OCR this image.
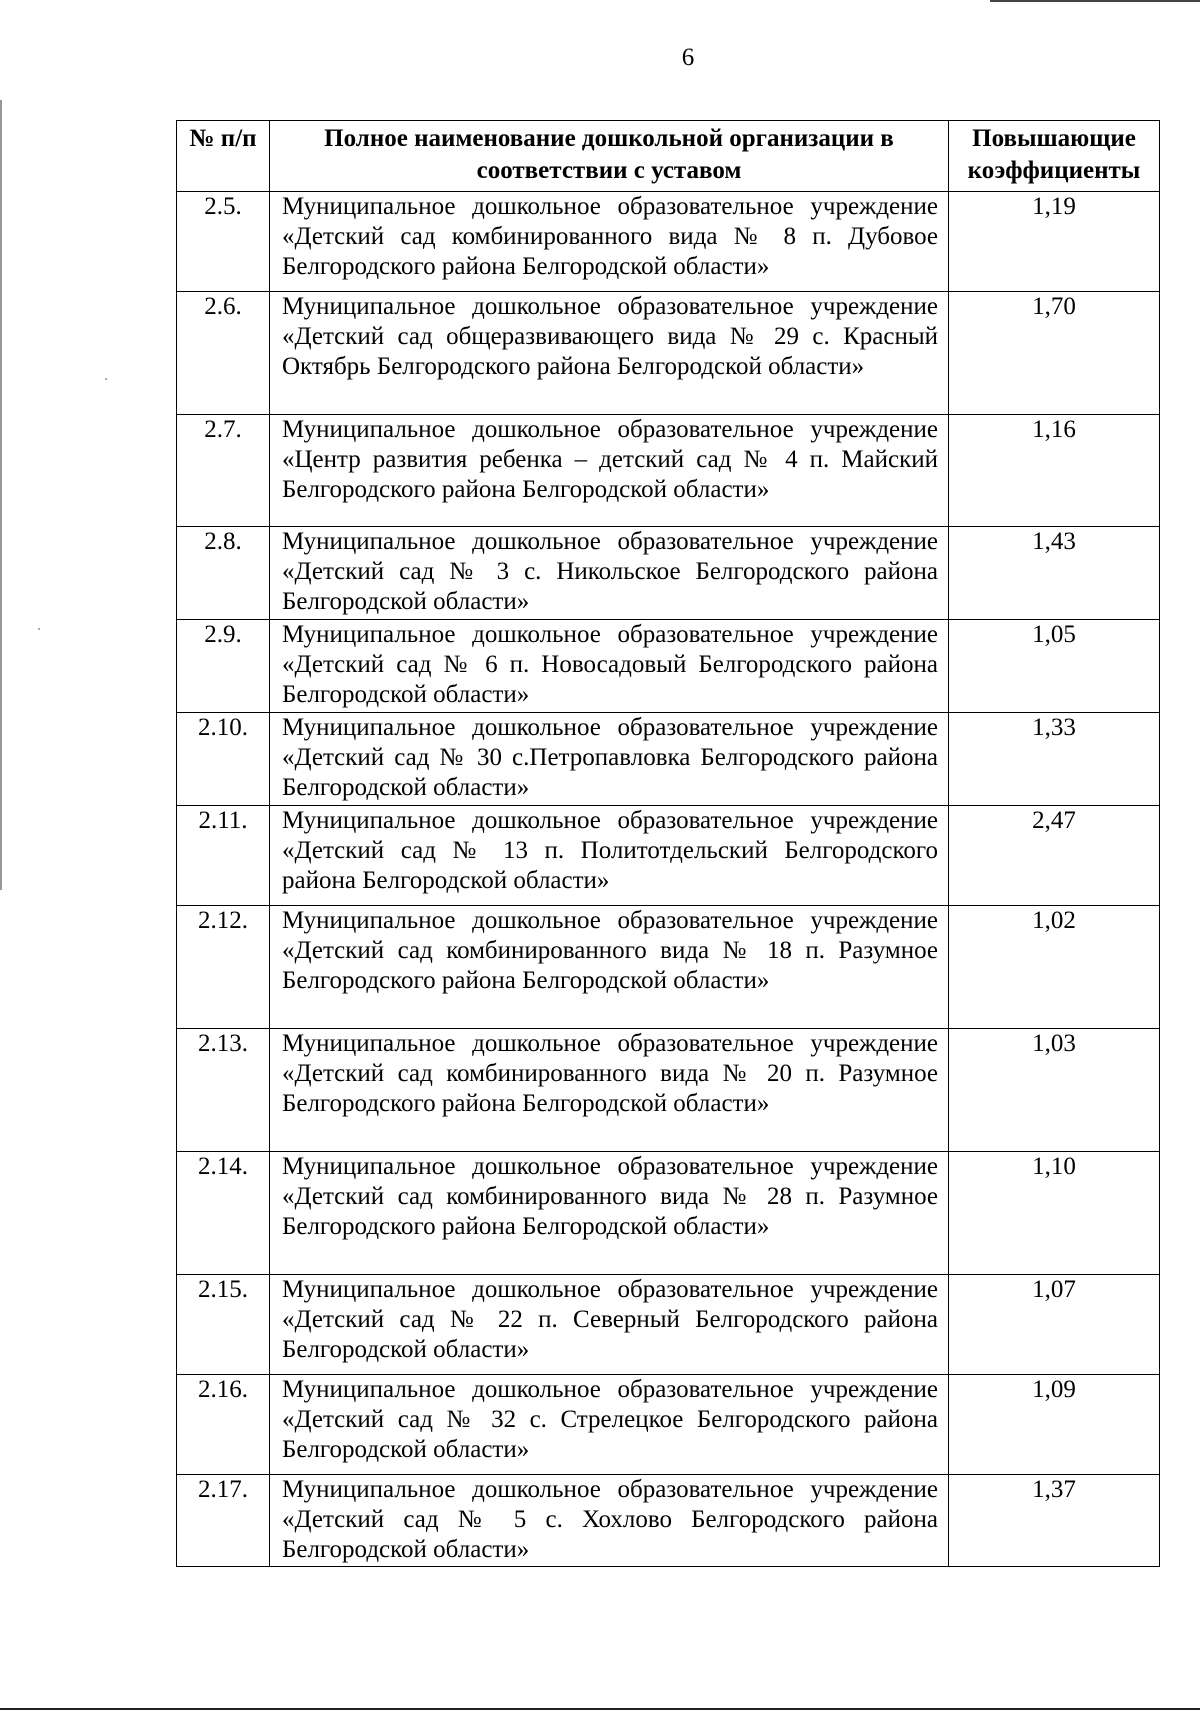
6
№ п/п	Полное наименование дошкольной организации в соответствии с уставом	Повышающие коэффициенты
2.5.	Муниципальное дошкольное образовательное учреждение «Детский сад комбинированного вида № 8 п. Дубовое Белгородского района Белгородской области»	1,19
2.6.	Муниципальное дошкольное образовательное учреждение «Детский сад общеразвивающего вида № 29 с. Красный Октябрь Белгородского района Белгородской области»	1,70
2.7.	Муниципальное дошкольное образовательное учреждение «Центр развития ребенка – детский сад № 4 п. Майский Белгородского района Белгородской области»	1,16
2.8.	Муниципальное дошкольное образовательное учреждение «Детский сад № 3 с. Никольское Белгородского района Белгородской области»	1,43
2.9.	Муниципальное дошкольное образовательное учреждение «Детский сад № 6 п. Новосадовый Белгородского района Белгородской области»	1,05
2.10.	Муниципальное дошкольное образовательное учреждение «Детский сад № 30 с.Петропавловка Белгородского района Белгородской области»	1,33
2.11.	Муниципальное дошкольное образовательное учреждение «Детский сад № 13 п. Политотдельский Белгородского района Белгородской области»	2,47
2.12.	Муниципальное дошкольное образовательное учреждение «Детский сад комбинированного вида № 18 п. Разумное Белгородского района Белгородской области»	1,02
2.13.	Муниципальное дошкольное образовательное учреждение «Детский сад комбинированного вида № 20 п. Разумное Белгородского района Белгородской области»	1,03
2.14.	Муниципальное дошкольное образовательное учреждение «Детский сад комбинированного вида № 28 п. Разумное Белгородского района Белгородской области»	1,10
2.15.	Муниципальное дошкольное образовательное учреждение «Детский сад № 22 п. Северный Белгородского района Белгородской области»	1,07
2.16.	Муниципальное дошкольное образовательное учреждение «Детский сад № 32 с. Стрелецкое Белгородского района Белгородской области»	1,09
2.17.	Муниципальное дошкольное образовательное учреждение «Детский сад № 5 с. Хохлово Белгородского района Белгородской области»	1,37
